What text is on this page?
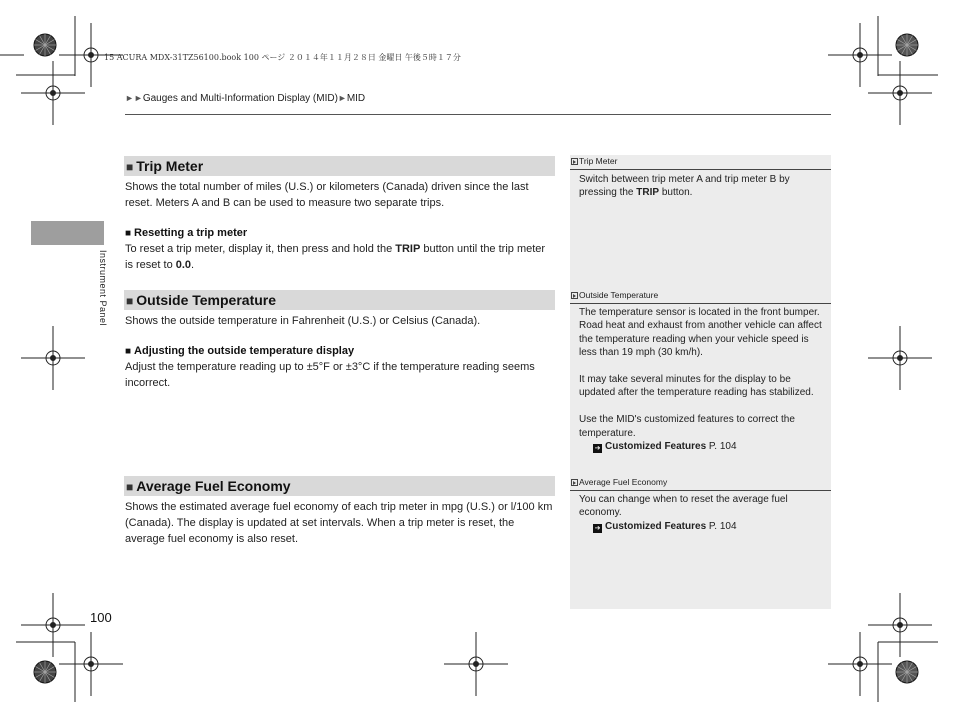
15 ACURA MDX-31TZ56100.book 100 ページ ２０１４年１１月２８日 金曜日 午後５時１７分
►►Gauges and Multi-Information Display (MID)►MID
Instrument Panel
■ Trip Meter
Shows the total number of miles (U.S.) or kilometers (Canada) driven since the last reset. Meters A and B can be used to measure two separate trips.
■ Resetting a trip meter
To reset a trip meter, display it, then press and hold the TRIP button until the trip meter is reset to 0.0.
■ Outside Temperature
Shows the outside temperature in Fahrenheit (U.S.) or Celsius (Canada).
■ Adjusting the outside temperature display
Adjust the temperature reading up to ±5°F or ±3°C if the temperature reading seems incorrect.
■ Average Fuel Economy
Shows the estimated average fuel economy of each trip meter in mpg (U.S.) or l/100 km (Canada). The display is updated at set intervals. When a trip meter is reset, the average fuel economy is also reset.
Trip Meter
Switch between trip meter A and trip meter B by pressing the TRIP button.
Outside Temperature
The temperature sensor is located in the front bumper.
Road heat and exhaust from another vehicle can affect the temperature reading when your vehicle speed is less than 19 mph (30 km/h).
It may take several minutes for the display to be updated after the temperature reading has stabilized.
Use the MID's customized features to correct the temperature.
➔ Customized Features P. 104
Average Fuel Economy
You can change when to reset the average fuel economy.
➔ Customized Features P. 104
100
